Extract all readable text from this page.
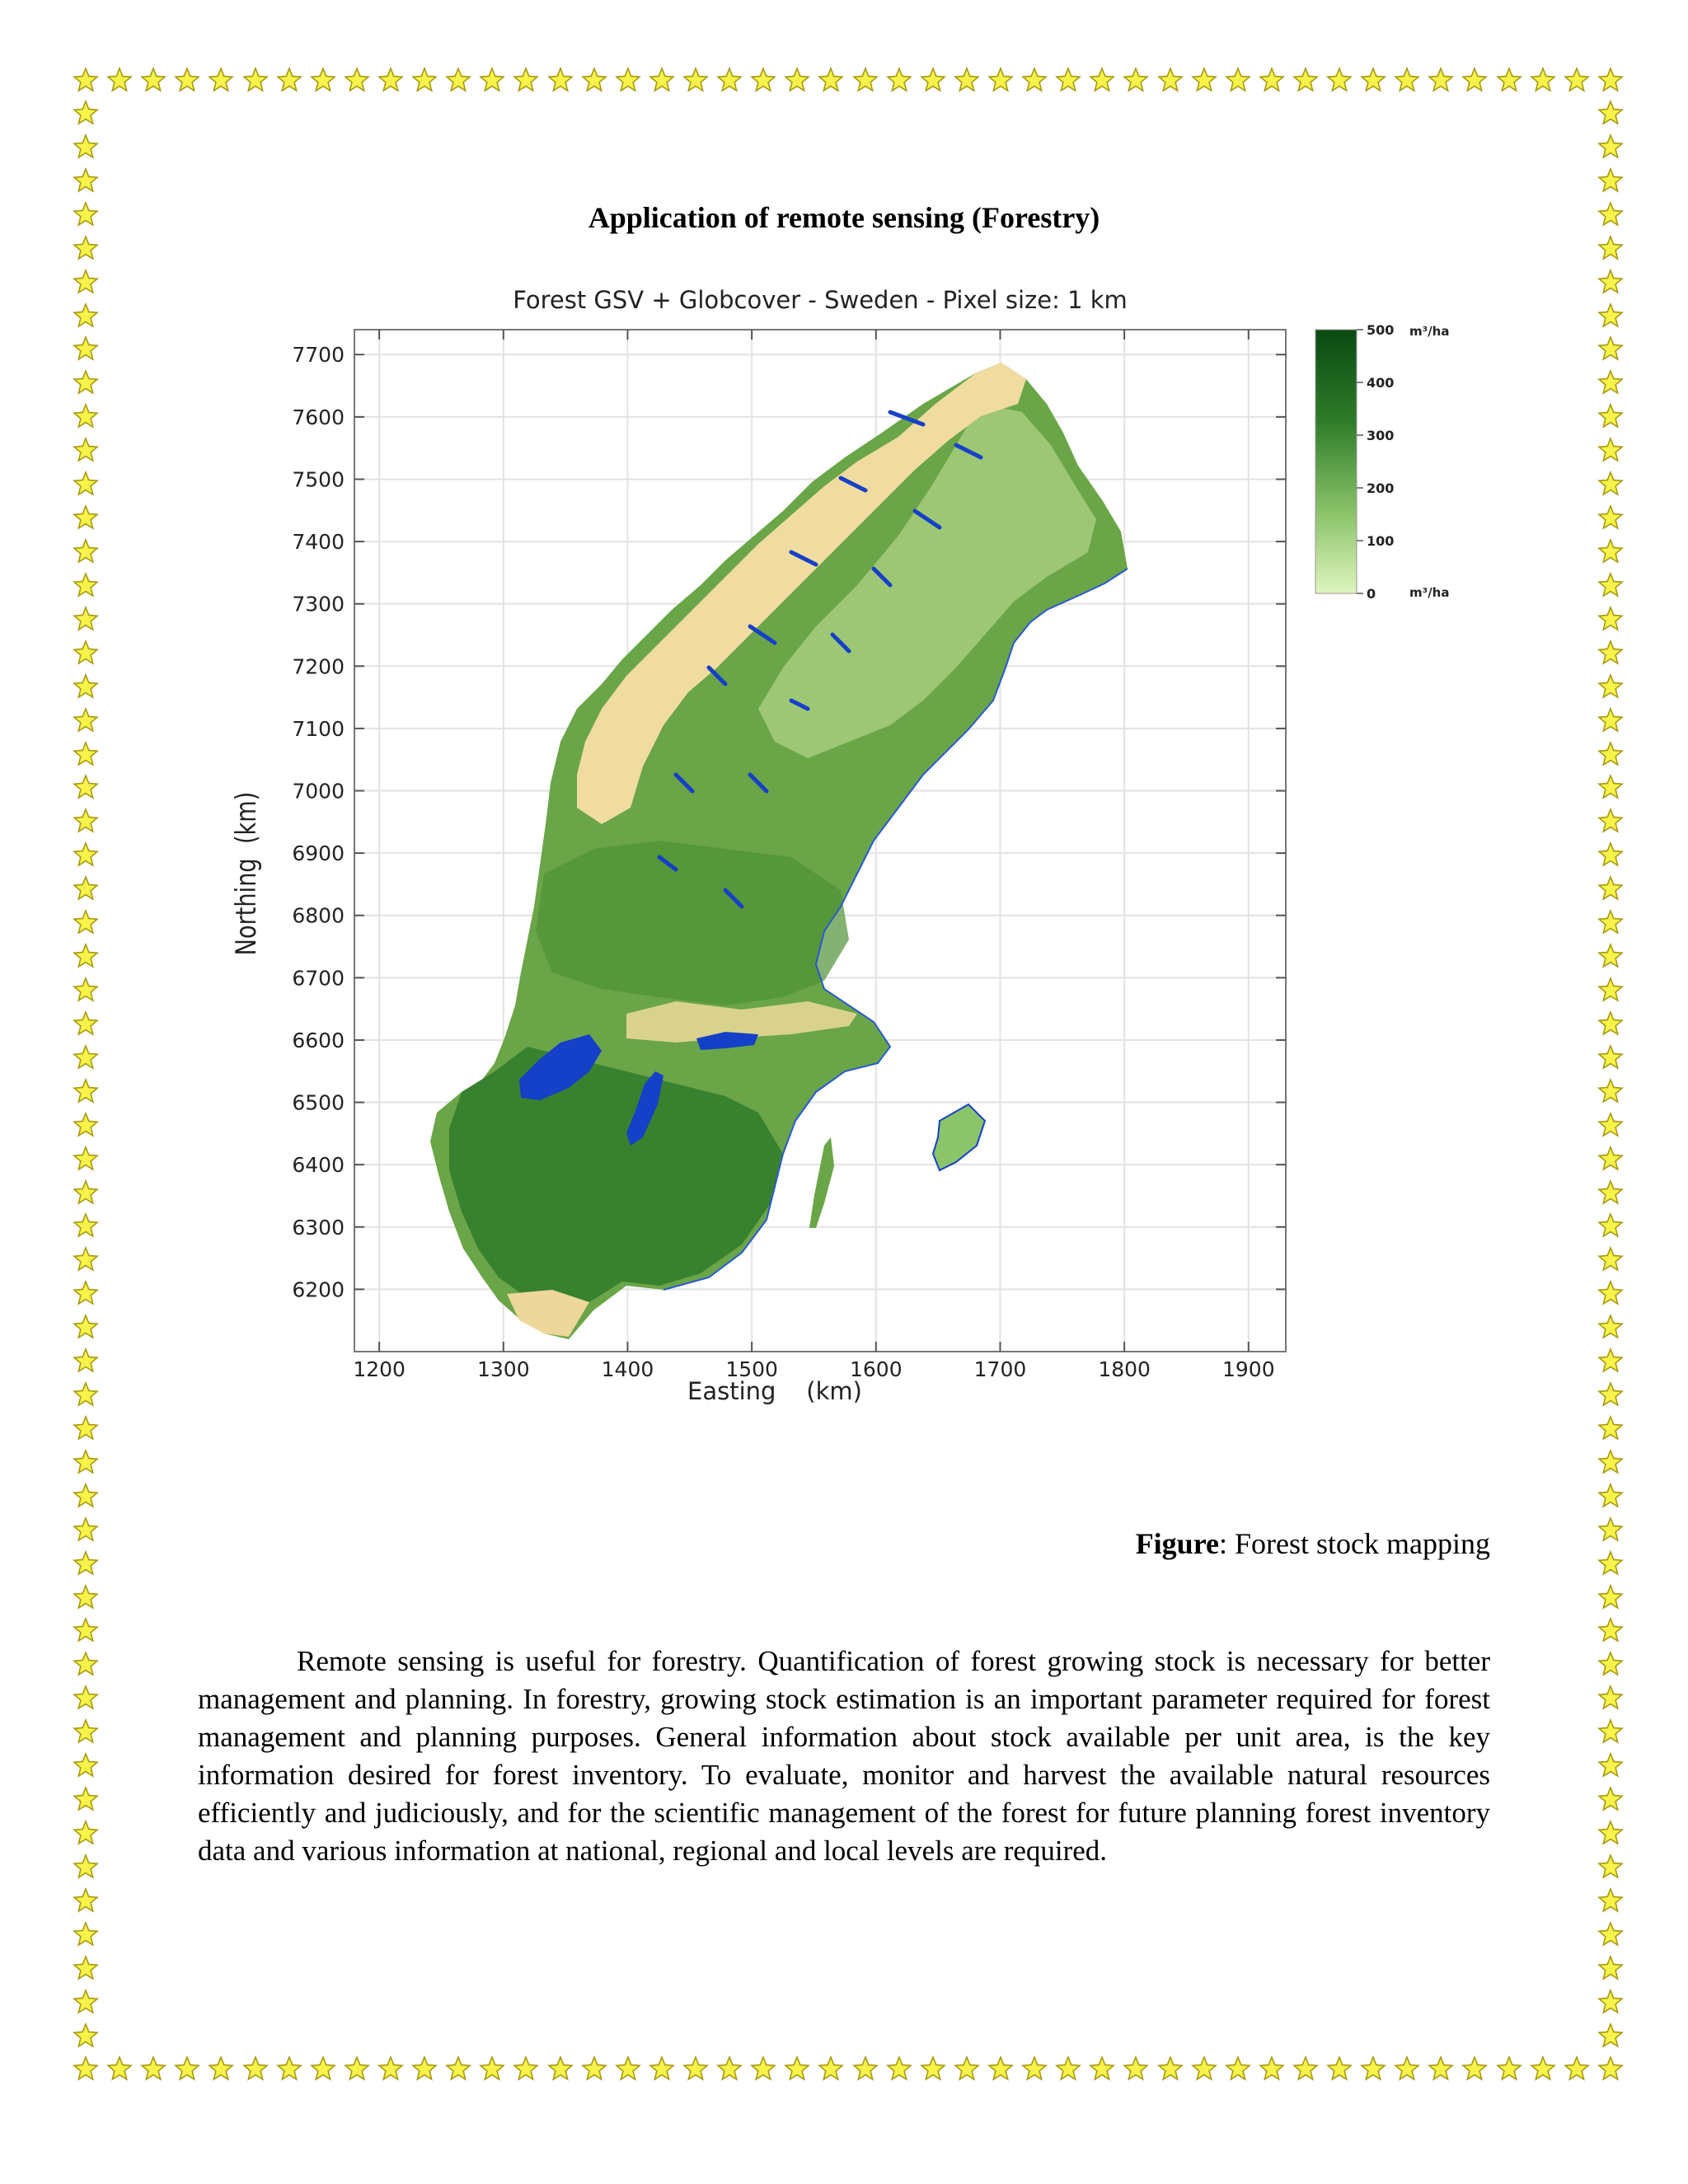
Application of remote sensing (Forestry)
Forest GSV + Globcover - Sweden - Pixel size: 1 km
1200	1300	1400	1500	1600	1700	1800	1900
6200
6300
6400
6500
6600
6700
6800
6900
7000
7100
7200
7300
7400
7500
7600
7700
Easting    (km)
Northing  (km)
500
400
300
200
100
0
m³/ha
m³/ha

Figure: Forest stock mapping

Remote sensing is useful for forestry. Quantification of forest growing stock is necessary for better management and planning. In forestry, growing stock estimation is an important parameter required for forest management and planning purposes. General information about stock available per unit area, is the key information desired for forest inventory. To evaluate, monitor and harvest the available natural resources efficiently and judiciously, and for the scientific management of the forest for future planning forest inventory data and various information at national, regional and local levels are required.
